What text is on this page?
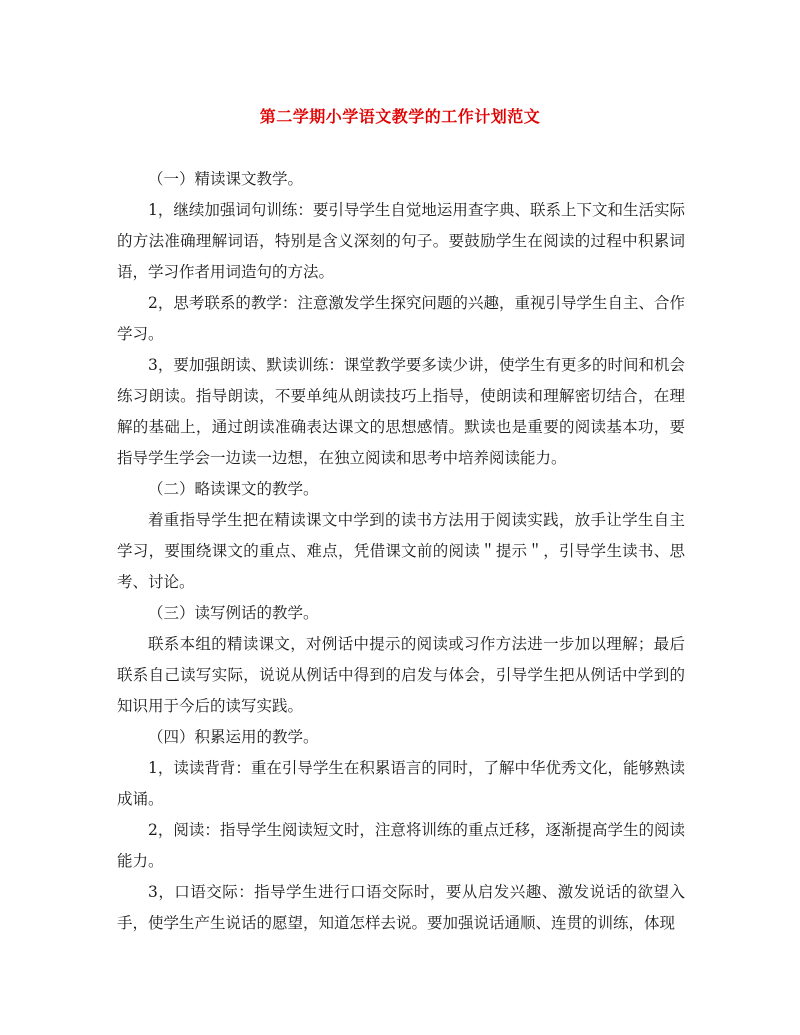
第二学期小学语文教学的工作计划范文

（一）精读课文教学。

1，继续加强词句训练：要引导学生自觉地运用查字典、联系上下文和生活实际的方法准确理解词语，特别是含义深刻的句子。要鼓励学生在阅读的过程中积累词语，学习作者用词造句的方法。

2，思考联系的教学：注意激发学生探究问题的兴趣，重视引导学生自主、合作学习。

3，要加强朗读、默读训练：课堂教学要多读少讲，使学生有更多的时间和机会练习朗读。指导朗读，不要单纯从朗读技巧上指导，使朗读和理解密切结合，在理解的基础上，通过朗读准确表达课文的思想感情。默读也是重要的阅读基本功，要指导学生学会一边读一边想，在独立阅读和思考中培养阅读能力。

（二）略读课文的教学。

着重指导学生把在精读课文中学到的读书方法用于阅读实践，放手让学生自主学习，要围绕课文的重点、难点，凭借课文前的阅读＂提示＂，引导学生读书、思考、讨论。

（三）读写例话的教学。

联系本组的精读课文，对例话中提示的阅读或习作方法进一步加以理解；最后联系自己读写实际，说说从例话中得到的启发与体会，引导学生把从例话中学到的知识用于今后的读写实践。

（四）积累运用的教学。

1，读读背背：重在引导学生在积累语言的同时，了解中华优秀文化，能够熟读成诵。

2，阅读：指导学生阅读短文时，注意将训练的重点迁移，逐渐提高学生的阅读能力。

3，口语交际：指导学生进行口语交际时，要从启发兴趣、激发说话的欲望入手，使学生产生说话的愿望，知道怎样去说。要加强说话通顺、连贯的训练，体现
